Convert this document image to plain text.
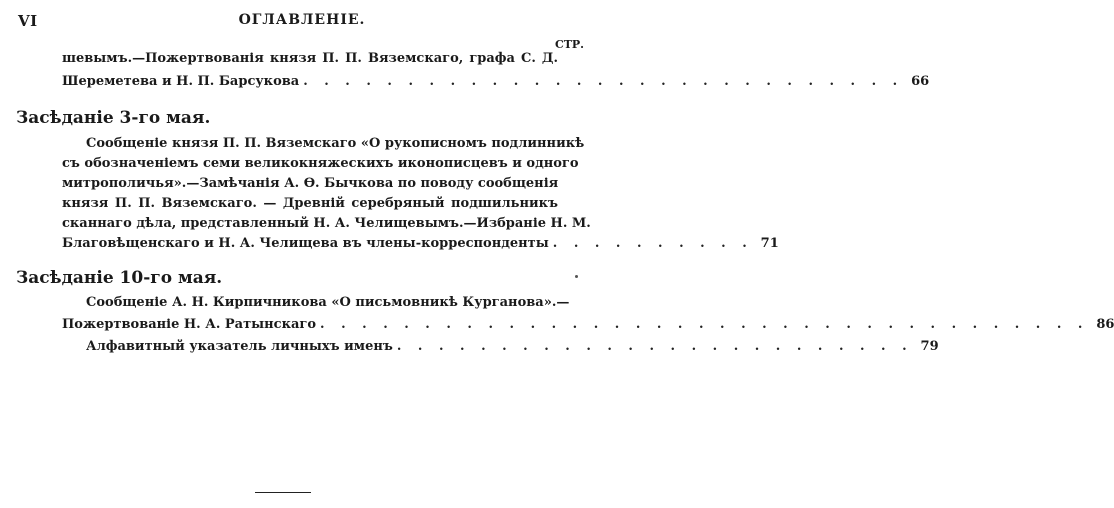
VI	ОГЛАВЛЕНІЕ.
СТР.
шевымъ.—Пожертвованія князя П. П. Вяземскаго, графа С. Д.
Шереметева и Н. П. Барсукова . . . . . . . . . . . . . . . . . . . . . . . . . . . . . 66
Засѣданіе 3-го мая.
Сообщеніе князя П. П. Вяземскаго «О рукописномъ подлинникѣ
съ обозначеніемъ семи великокняжескихъ иконописцевъ и одного
митрополичья».—Замѣчанія А. Ѳ. Бычкова по поводу сообщенія
князя П. П. Вяземскаго. — Древній серебряный подшильникъ
сканнаго дѣла, представленный Н. А. Челищевымъ.—Избраніе Н. М.
Благовѣщенскаго и Н. А. Челищева въ члены-корреспонденты . . . . . . . . . . 71
Засѣданіе 10-го мая.
Сообщеніе А. Н. Кирпичникова «О письмовникѣ Курганова».—
Пожертвованіе Н. А. Ратынскаго . . . . . . . . . . . . . . . . . . . . . . . . . . . . . . . . . . . . . 86
Алфавитный указатель личныхъ именъ . . . . . . . . . . . . . . . . . . . . . . . . . 79
